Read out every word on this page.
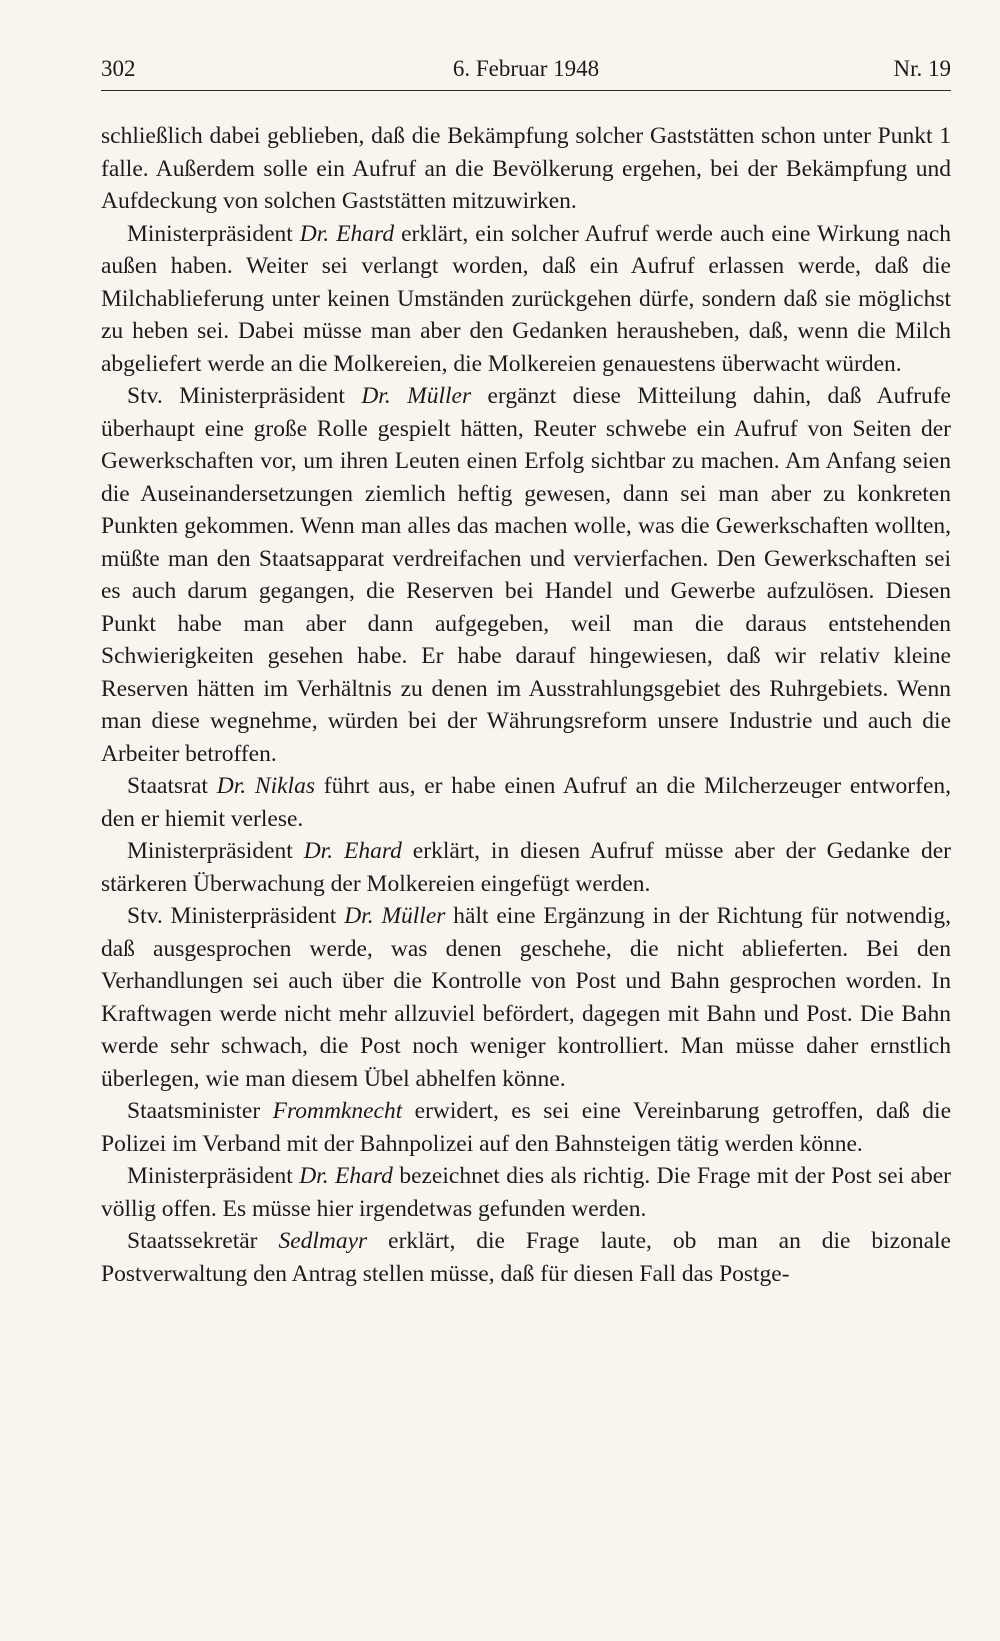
302	6. Februar 1948	Nr. 19

schließlich dabei geblieben, daß die Bekämpfung solcher Gaststätten schon unter Punkt 1 falle. Außerdem solle ein Aufruf an die Bevölkerung ergehen, bei der Bekämpfung und Aufdeckung von solchen Gaststätten mitzuwirken.

Ministerpräsident Dr. Ehard erklärt, ein solcher Aufruf werde auch eine Wirkung nach außen haben. Weiter sei verlangt worden, daß ein Aufruf erlassen werde, daß die Milchablieferung unter keinen Umständen zurückgehen dürfe, sondern daß sie möglichst zu heben sei. Dabei müsse man aber den Gedanken herausheben, daß, wenn die Milch abgeliefert werde an die Molkereien, die Molkereien genauestens überwacht würden.

Stv. Ministerpräsident Dr. Müller ergänzt diese Mitteilung dahin, daß Aufrufe überhaupt eine große Rolle gespielt hätten, Reuter schwebe ein Aufruf von Seiten der Gewerkschaften vor, um ihren Leuten einen Erfolg sichtbar zu machen. Am Anfang seien die Auseinandersetzungen ziemlich heftig gewesen, dann sei man aber zu konkreten Punkten gekommen. Wenn man alles das machen wolle, was die Gewerkschaften wollten, müßte man den Staatsapparat verdreifachen und vervierfachen. Den Gewerkschaften sei es auch darum gegangen, die Reserven bei Handel und Gewerbe aufzulösen. Diesen Punkt habe man aber dann aufgegeben, weil man die daraus entstehenden Schwierigkeiten gesehen habe. Er habe darauf hingewiesen, daß wir relativ kleine Reserven hätten im Verhältnis zu denen im Ausstrahlungsgebiet des Ruhrgebiets. Wenn man diese wegnehme, würden bei der Währungsreform unsere Industrie und auch die Arbeiter betroffen.

Staatsrat Dr. Niklas führt aus, er habe einen Aufruf an die Milcherzeuger entworfen, den er hiemit verlese.

Ministerpräsident Dr. Ehard erklärt, in diesen Aufruf müsse aber der Gedanke der stärkeren Überwachung der Molkereien eingefügt werden.

Stv. Ministerpräsident Dr. Müller hält eine Ergänzung in der Richtung für notwendig, daß ausgesprochen werde, was denen geschehe, die nicht ablieferten. Bei den Verhandlungen sei auch über die Kontrolle von Post und Bahn gesprochen worden. In Kraftwagen werde nicht mehr allzuviel befördert, dagegen mit Bahn und Post. Die Bahn werde sehr schwach, die Post noch weniger kontrolliert. Man müsse daher ernstlich überlegen, wie man diesem Übel abhelfen könne.

Staatsminister Frommknecht erwidert, es sei eine Vereinbarung getroffen, daß die Polizei im Verband mit der Bahnpolizei auf den Bahnsteigen tätig werden könne.

Ministerpräsident Dr. Ehard bezeichnet dies als richtig. Die Frage mit der Post sei aber völlig offen. Es müsse hier irgendetwas gefunden werden.

Staatssekretär Sedlmayr erklärt, die Frage laute, ob man an die bizonale Postverwaltung den Antrag stellen müsse, daß für diesen Fall das Postge-
